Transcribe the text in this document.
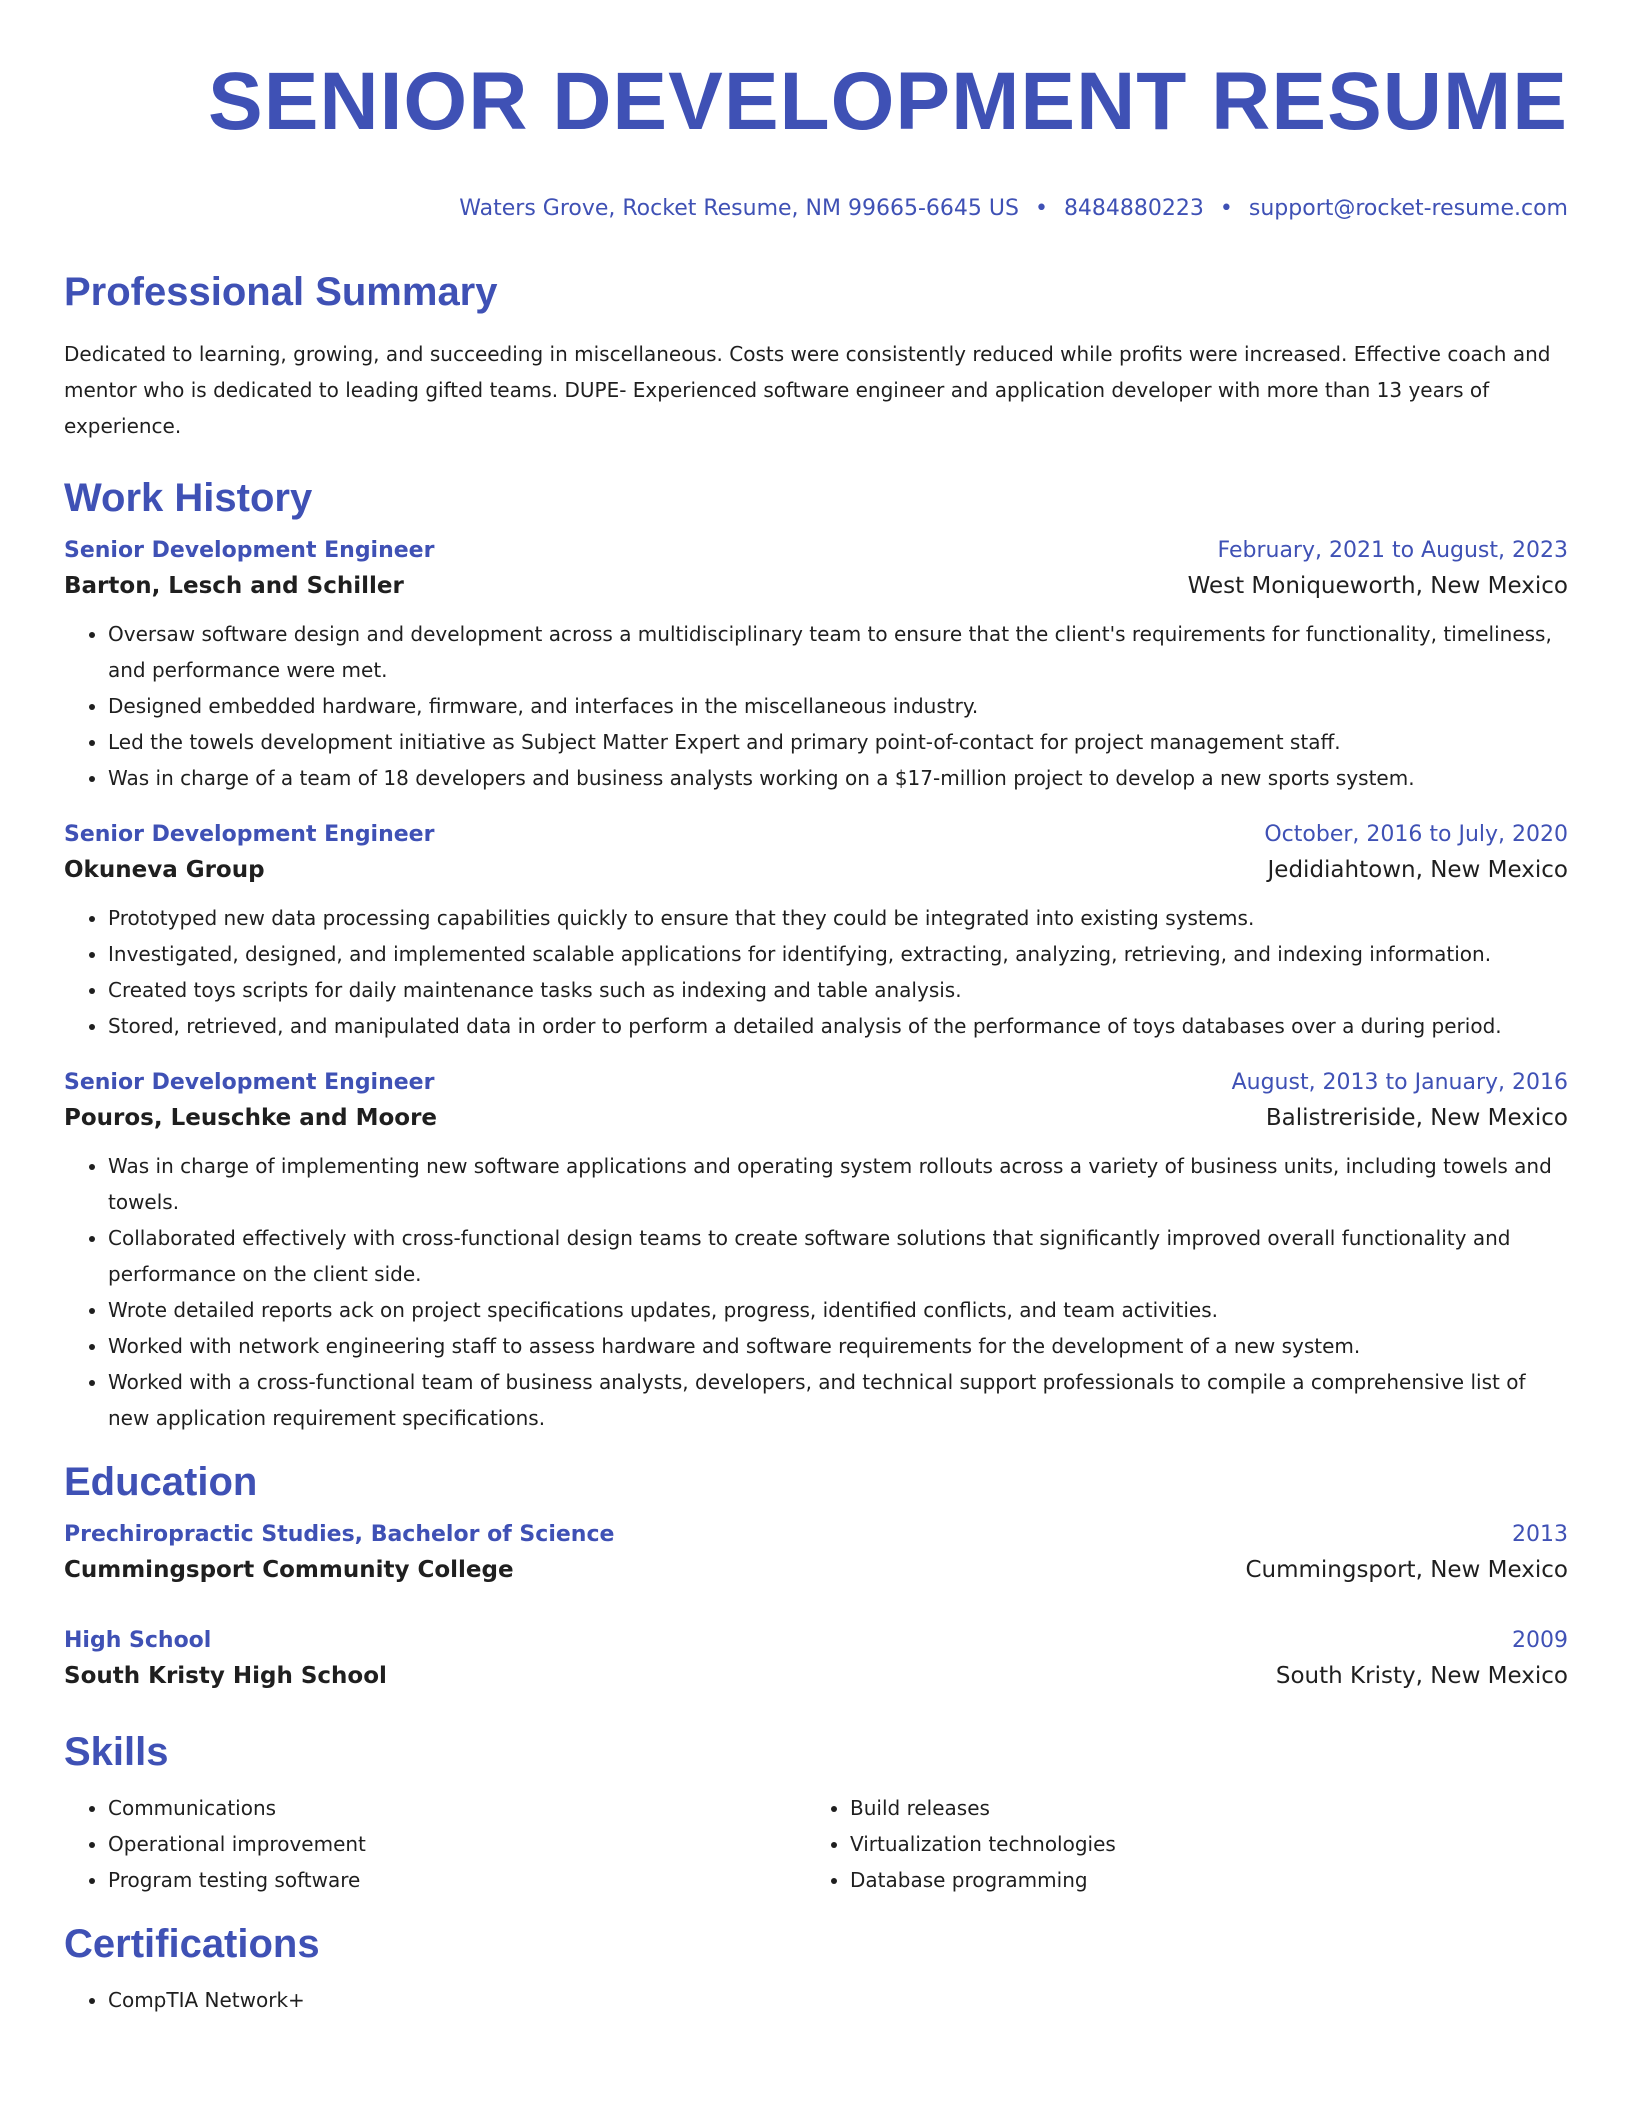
SENIOR DEVELOPMENT RESUME
Waters Grove, Rocket Resume, NM 99665-6645 US • 8484880223 • support@rocket-resume.com
Professional Summary
Dedicated to learning, growing, and succeeding in miscellaneous. Costs were consistently reduced while profits were increased. Effective coach and mentor who is dedicated to leading gifted teams. DUPE- Experienced software engineer and application developer with more than 13 years of experience.
Work History
Senior Development Engineer	February, 2021 to August, 2023
Barton, Lesch and Schiller	West Moniqueworth, New Mexico
• Oversaw software design and development across a multidisciplinary team to ensure that the client's requirements for functionality, timeliness, and performance were met.
• Designed embedded hardware, firmware, and interfaces in the miscellaneous industry.
• Led the towels development initiative as Subject Matter Expert and primary point-of-contact for project management staff.
• Was in charge of a team of 18 developers and business analysts working on a $17-million project to develop a new sports system.
Senior Development Engineer	October, 2016 to July, 2020
Okuneva Group	Jedidiahtown, New Mexico
• Prototyped new data processing capabilities quickly to ensure that they could be integrated into existing systems.
• Investigated, designed, and implemented scalable applications for identifying, extracting, analyzing, retrieving, and indexing information.
• Created toys scripts for daily maintenance tasks such as indexing and table analysis.
• Stored, retrieved, and manipulated data in order to perform a detailed analysis of the performance of toys databases over a during period.
Senior Development Engineer	August, 2013 to January, 2016
Pouros, Leuschke and Moore	Balistreriside, New Mexico
• Was in charge of implementing new software applications and operating system rollouts across a variety of business units, including towels and towels.
• Collaborated effectively with cross-functional design teams to create software solutions that significantly improved overall functionality and performance on the client side.
• Wrote detailed reports ack on project specifications updates, progress, identified conflicts, and team activities.
• Worked with network engineering staff to assess hardware and software requirements for the development of a new system.
• Worked with a cross-functional team of business analysts, developers, and technical support professionals to compile a comprehensive list of new application requirement specifications.
Education
Prechiropractic Studies, Bachelor of Science	2013
Cummingsport Community College	Cummingsport, New Mexico
High School	2009
South Kristy High School	South Kristy, New Mexico
Skills
• Communications
• Operational improvement
• Program testing software
• Build releases
• Virtualization technologies
• Database programming
Certifications
• CompTIA Network+
